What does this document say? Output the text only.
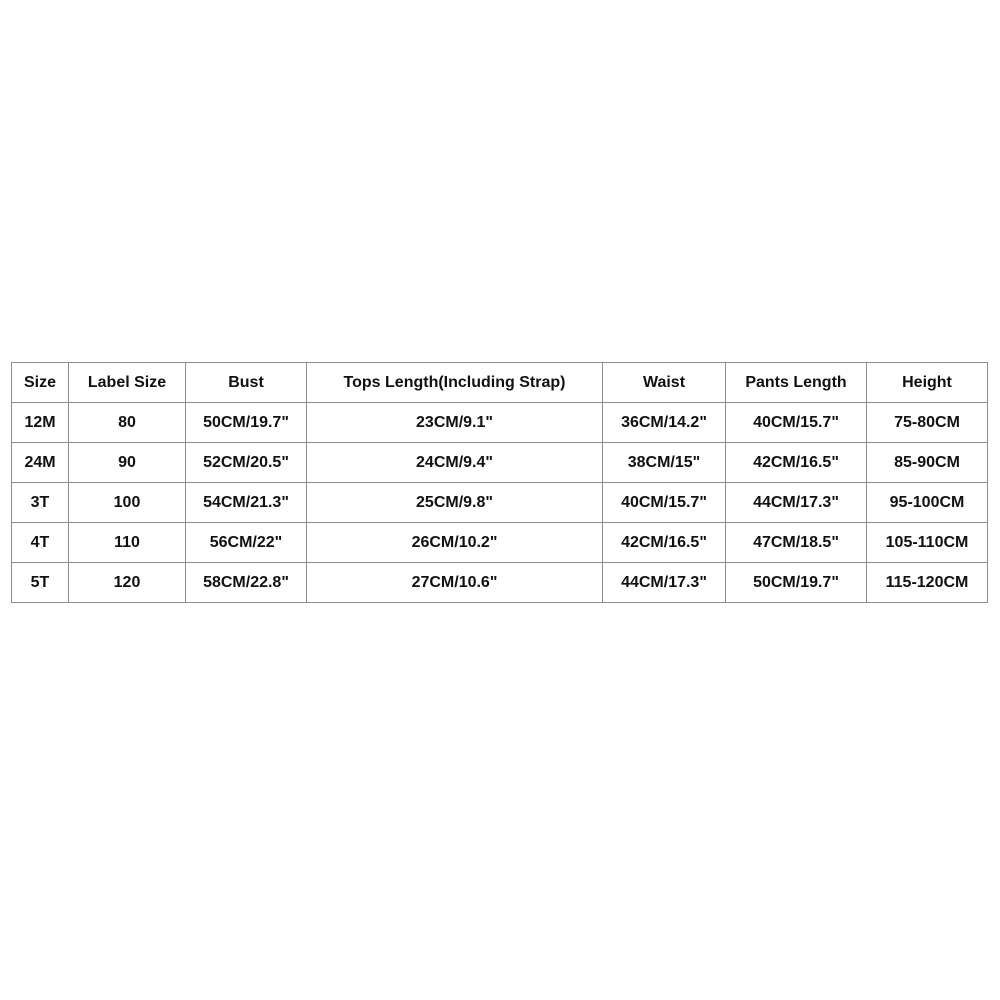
Size	Label Size	Bust	Tops Length(Including Strap)	Waist	Pants Length	Height
12M	80	50CM/19.7"	23CM/9.1"	36CM/14.2"	40CM/15.7"	75-80CM
24M	90	52CM/20.5"	24CM/9.4"	38CM/15"	42CM/16.5"	85-90CM
3T	100	54CM/21.3"	25CM/9.8"	40CM/15.7"	44CM/17.3"	95-100CM
4T	110	56CM/22"	26CM/10.2"	42CM/16.5"	47CM/18.5"	105-110CM
5T	120	58CM/22.8"	27CM/10.6"	44CM/17.3"	50CM/19.7"	115-120CM
